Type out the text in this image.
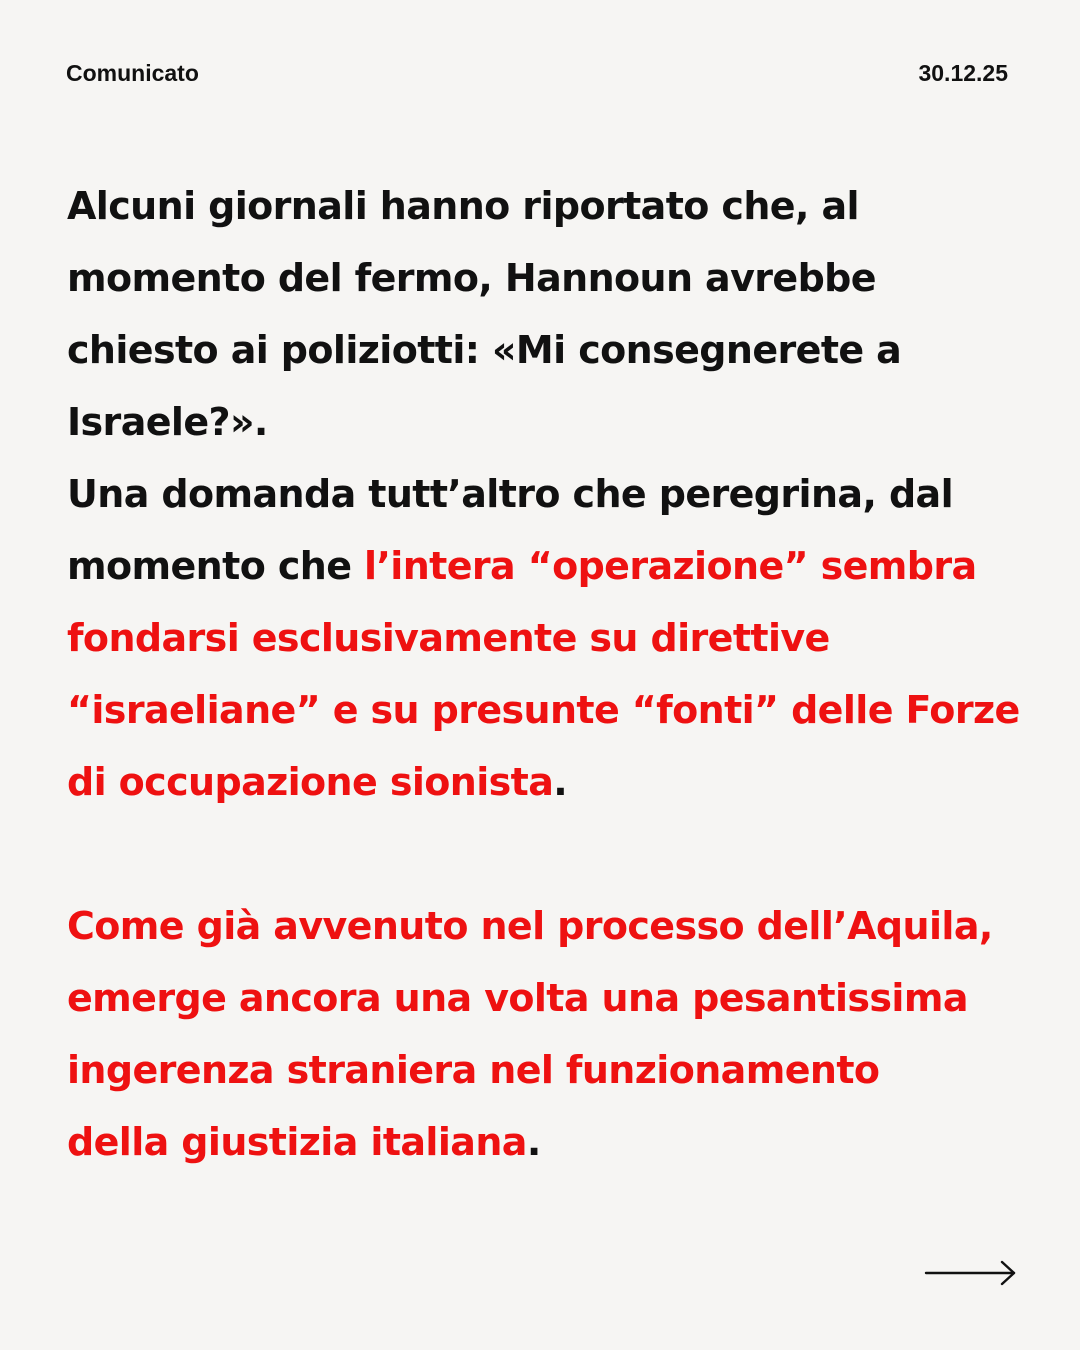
Comunicato	30.12.25

Alcuni giornali hanno riportato che, al
momento del fermo, Hannoun avrebbe
chiesto ai poliziotti: «Mi consegnerete a
Israele?».
Una domanda tutt’altro che peregrina, dal
momento che l’intera “operazione” sembra
fondarsi esclusivamente su direttive
“israeliane” e su presunte “fonti” delle Forze
di occupazione sionista.

Come già avvenuto nel processo dell’Aquila,
emerge ancora una volta una pesantissima
ingerenza straniera nel funzionamento
della giustizia italiana.
